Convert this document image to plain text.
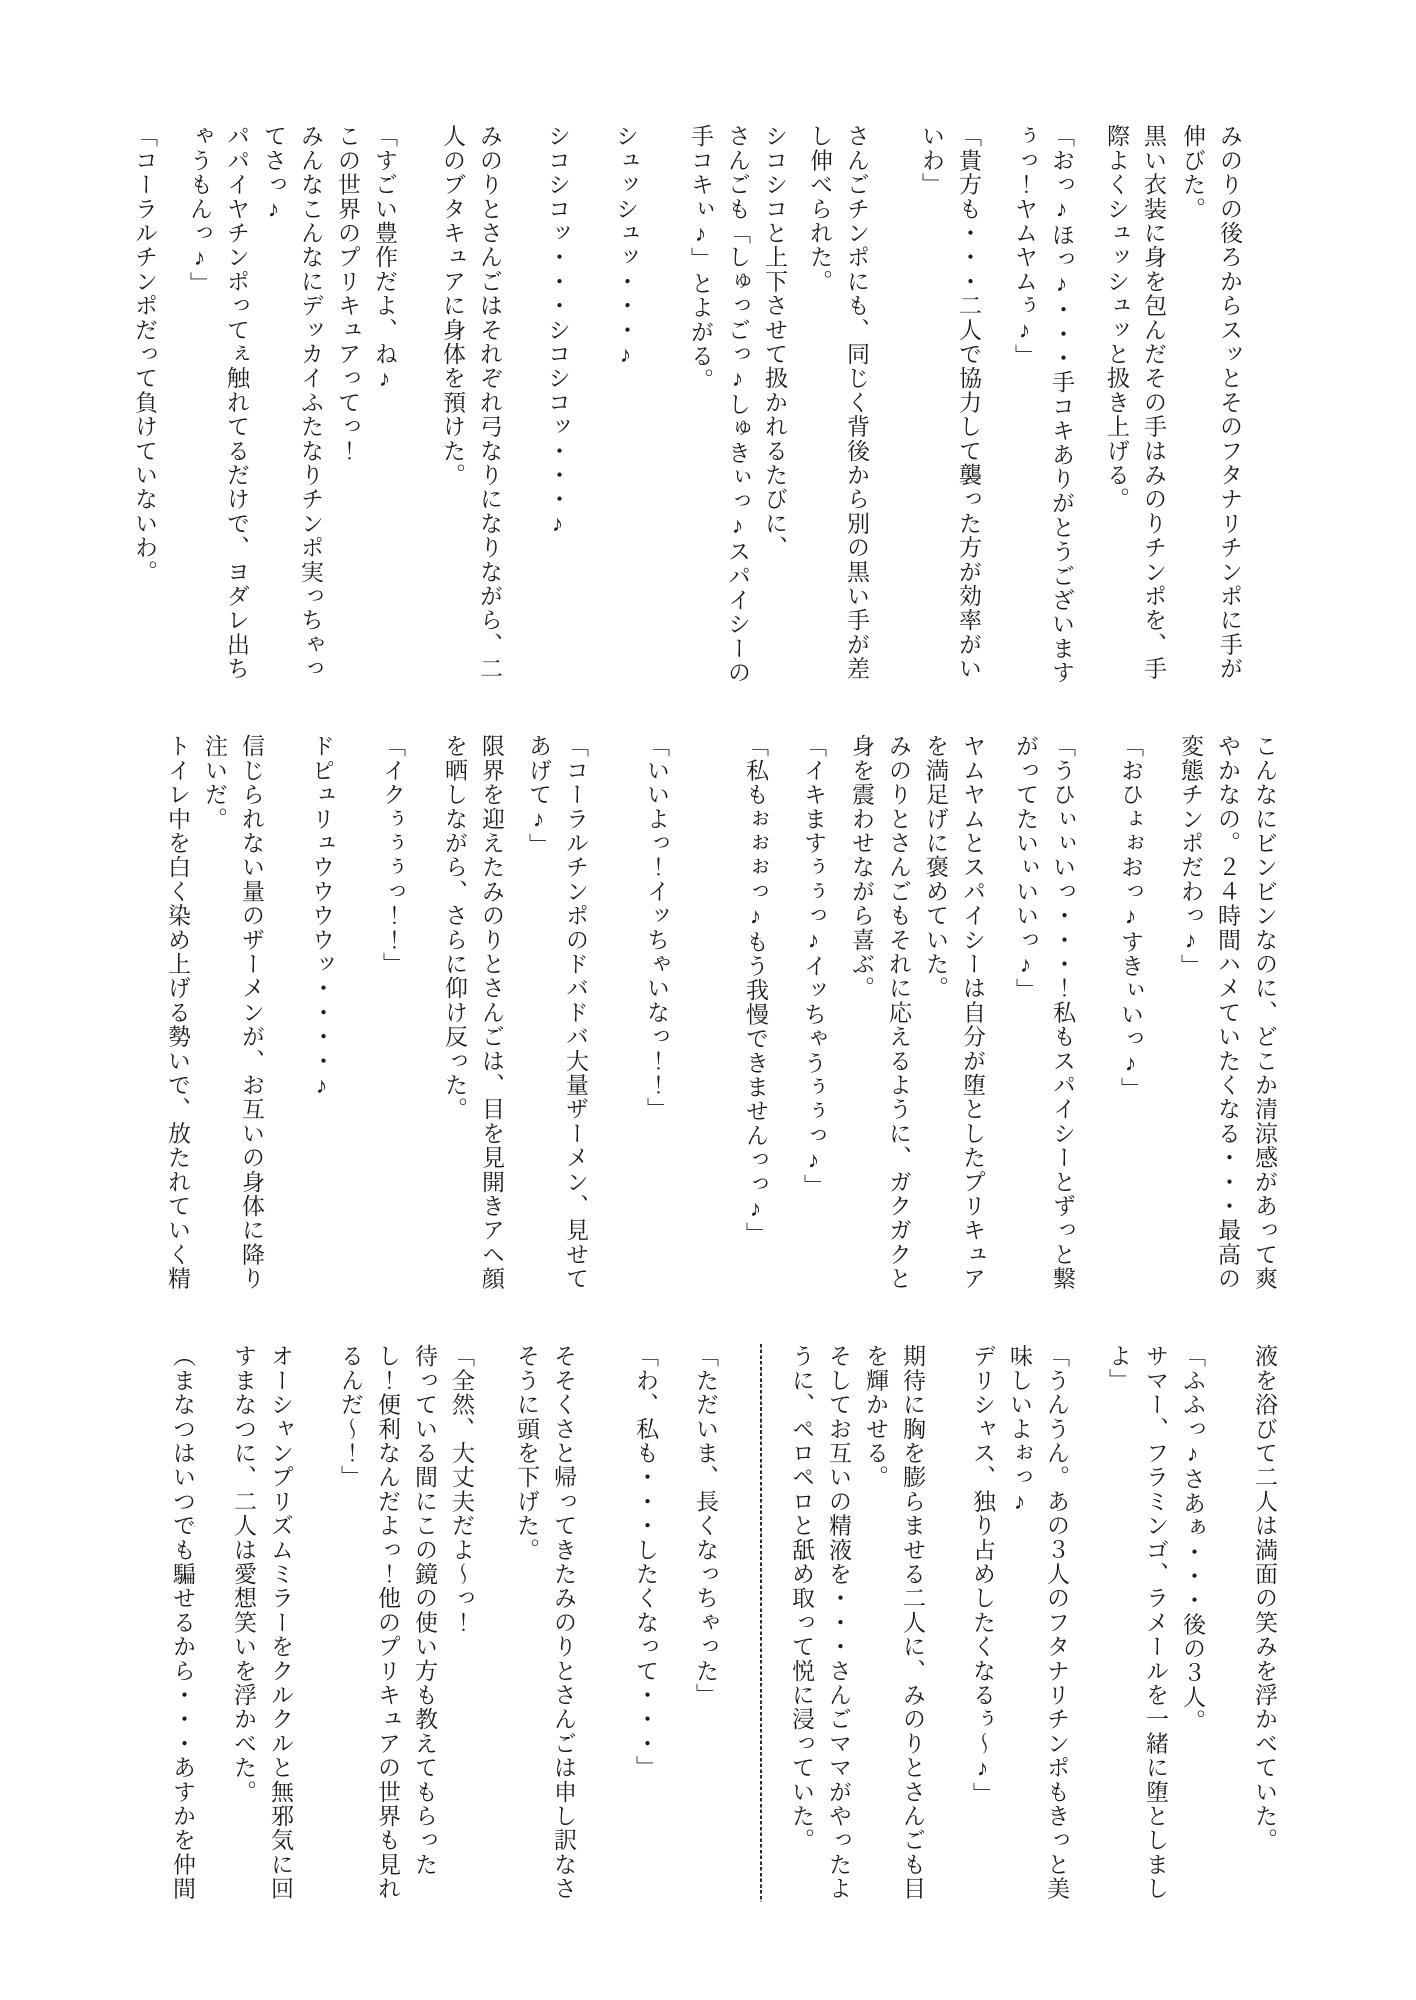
みのりの後ろからスッとそのフタナリチンポに手が

伸びた。

黒い衣装に身を包んだその手はみのりチンポを、手

際よくシュッシュッと扱き上げる。

「おっ♪ほっ♪・・・手コキありがとうございます

ぅっ！ヤムヤムぅ♪」

「貴方も・・・二人で協力して襲った方が効率がい

いわ」

さんごチンポにも、同じく背後から別の黒い手が差

し伸べられた。

シコシコと上下させて扱かれるたびに、

さんごも「しゅっごっ♪しゅきぃっ♪スパイシーの

手コキぃ♪」とよがる。

シュッシュッ・・・♪

シコシコッ・・・シコシコッ・・・♪

みのりとさんごはそれぞれ弓なりになりながら、二

人のブタキュアに身体を預けた。

「すごい豊作だよ、ね♪

この世界のプリキュアってっ！

みんなこんなにデッカイふたなりチンポ実っちゃっ

てさっ♪

パパイヤチンポってぇ触れてるだけで、ヨダレ出ち

ゃうもんっ♪」

「コーラルチンポだって負けていないわ。

こんなにビンビンなのに、どこか清涼感があって爽

やかなの。２４時間ハメていたくなる・・・最高の

変態チンポだわっ♪」

「おひょぉおっ♪すきぃいっ♪」

「うひぃぃいっ・・・！私もスパイシーとずっと繋

がってたいぃいいっ♪」

ヤムヤムとスパイシーは自分が堕としたプリキュア

を満足げに褒めていた。

みのりとさんごもそれに応えるように、ガクガクと

身を震わせながら喜ぶ。

「イキますぅぅっ♪イッちゃうぅぅっ♪」

「私もぉぉぉっ♪もう我慢できませんっっ♪」

「いいよっ！イッちゃいなっ！！」

「コーラルチンポのドバドバ大量ザーメン、見せて

あげて♪」

限界を迎えたみのりとさんごは、目を見開きアヘ顔

を晒しながら、さらに仰け反った。

「イクぅぅぅっ！！」

ドピュリュウウウウッ・・・・♪

信じられない量のザーメンが、お互いの身体に降り

注いだ。

トイレ中を白く染め上げる勢いで、放たれていく精

液を浴びて二人は満面の笑みを浮かべていた。

「ふふっ♪さあぁ・・・後の３人。

サマー、フラミンゴ、ラメールを一緒に堕としまし

よ」

「うんうん。あの３人のフタナリチンポもきっと美

味しいよぉっ♪

デリシャス、独り占めしたくなるぅ〜♪」

期待に胸を膨らませる二人に、みのりとさんごも目

を輝かせる。

そしてお互いの精液を・・・さんごママがやったよ

うに、ペロペロと舐め取って悦に浸っていた。

「ただいま、長くなっちゃった」

「わ、私も・・・したくなって・・・」

そそくさと帰ってきたみのりとさんごは申し訳なさ

そうに頭を下げた。

「全然、大丈夫だよ〜っ！

待っている間にこの鏡の使い方も教えてもらった

し！便利なんだよっ！他のプリキュアの世界も見れ

るんだ〜！」

オーシャンプリズムミラーをクルクルと無邪気に回

すまなつに、二人は愛想笑いを浮かべた。

（まなつはいつでも騙せるから・・・あすかを仲間
